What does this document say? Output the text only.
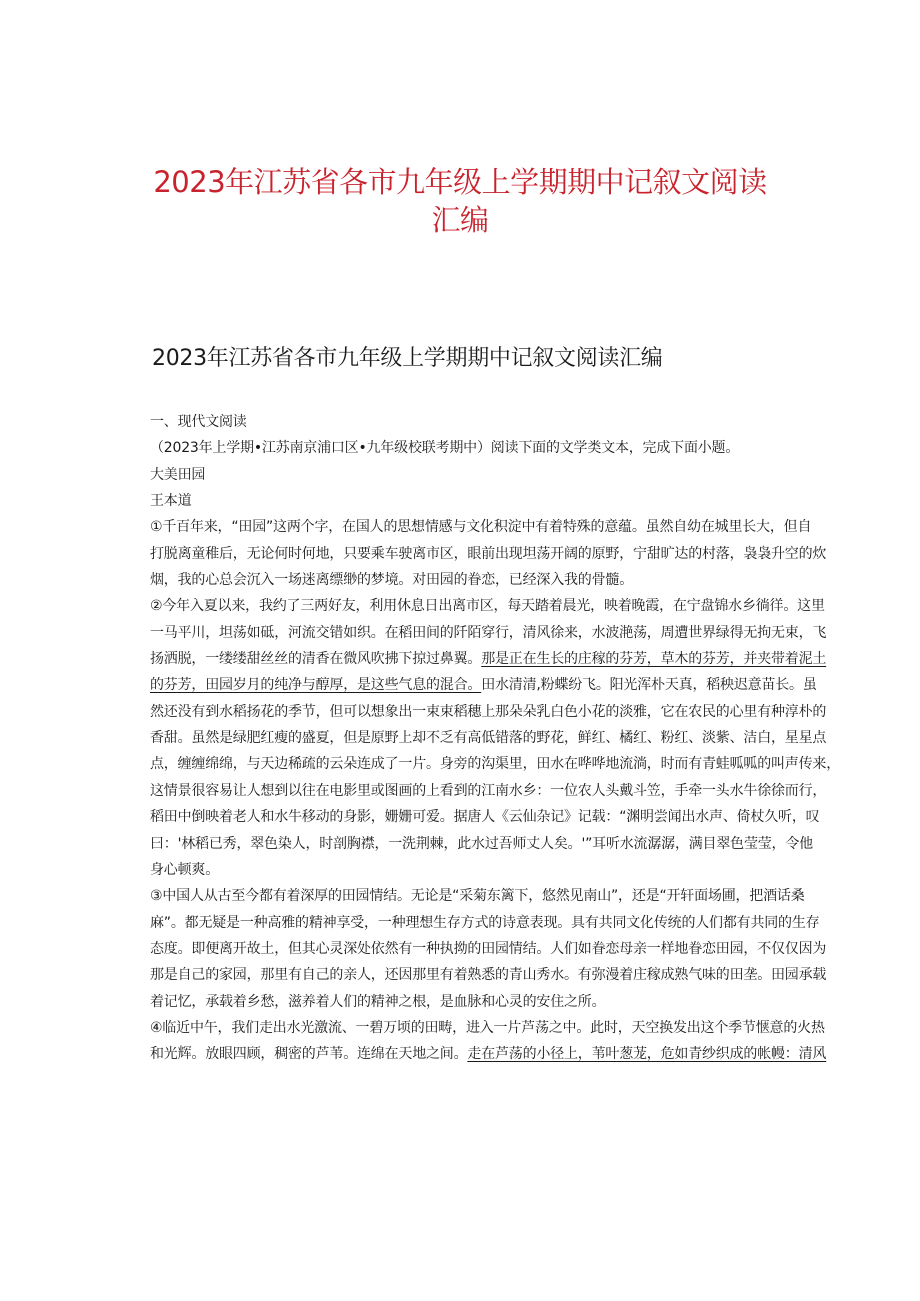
2023年江苏省各市九年级上学期期中记叙文阅读
汇编
2023年江苏省各市九年级上学期期中记叙文阅读汇编

一、现代文阅读

（2023年上学期•江苏南京浦口区•九年级校联考期中）阅读下面的文学类文本，完成下面小题。

大美田园

王本道

①千百年来，“田园”这两个字，在国人的思想情感与文化积淀中有着特殊的意蕴。虽然自幼在城里长大，但自

打脱离童稚后，无论何时何地，只要乘车驶离市区，眼前出现坦荡开阔的原野，宁甜旷达的村落，袅袅升空的炊

烟，我的心总会沉入一场迷离缥缈的梦境。对田园的眷恋，已经深入我的骨髓。

②今年入夏以来，我约了三两好友，利用休息日出离市区，每天踏着晨光，映着晚霞，在宁盘锦水乡徜徉。这里

一马平川，坦荡如砥，河流交错如织。在稻田间的阡陌穿行，清风徐来，水波滟荡，周遭世界绿得无拘无束，飞

扬洒脱，一缕缕甜丝丝的清香在微风吹拂下掠过鼻翼。那是正在生长的庄稼的芬芳，草木的芬芳，并夹带着泥土

的芬芳，田园岁月的纯净与醇厚，是这些气息的混合。田水清清,粉蝶纷飞。阳光浑朴天真，稻秧迟意苗长。虽

然还没有到水稻扬花的季节，但可以想象出一束束稻穗上那朵朵乳白色小花的淡雅，它在农民的心里有种淳朴的

香甜。虽然是绿肥红瘦的盛夏，但是原野上却不乏有高低错落的野花，鲜红、橘红、粉红、淡紫、洁白，星星点

点，缠缠绵绵，与天边稀疏的云朵连成了一片。身旁的沟渠里，田水在哗哗地流淌，时而有青蛙呱呱的叫声传来，

这情景很容易让人想到以往在电影里或图画的上看到的江南水乡：一位农人头戴斗笠，手牵一头水牛徐徐而行，

稻田中倒映着老人和水牛移动的身影，姗姗可爱。据唐人《云仙杂记》记载：“渊明尝闻出水声、倚杖久听，叹

曰：'林稻已秀，翠色染人，时剖胸襟，一洗荆棘，此水过吾师丈人矣。'”耳听水流潺潺，满目翠色莹莹，令他

身心顿爽。

③中国人从古至今都有着深厚的田园情结。无论是“采菊东篱下，悠然见南山”，还是“开轩面场圃，把酒话桑

麻”。都无疑是一种高雅的精神享受，一种理想生存方式的诗意表现。具有共同文化传统的人们都有共同的生存

态度。即便离开故土，但其心灵深处依然有一种执拗的田园情结。人们如眷恋母亲一样地眷恋田园，不仅仅因为

那是自己的家园，那里有自己的亲人，还因那里有着熟悉的青山秀水。有弥漫着庄稼成熟气味的田垄。田园承载

着记忆，承载着乡愁，滋养着人们的精神之根，是血脉和心灵的安住之所。

④临近中午，我们走出水光激流、一碧万顷的田畴，进入一片芦荡之中。此时，天空换发出这个季节惬意的火热

和光辉。放眼四顾，稠密的芦苇。连绵在天地之间。走在芦荡的小径上，苇叶葱茏，危如青纱织成的帐幔：清风
